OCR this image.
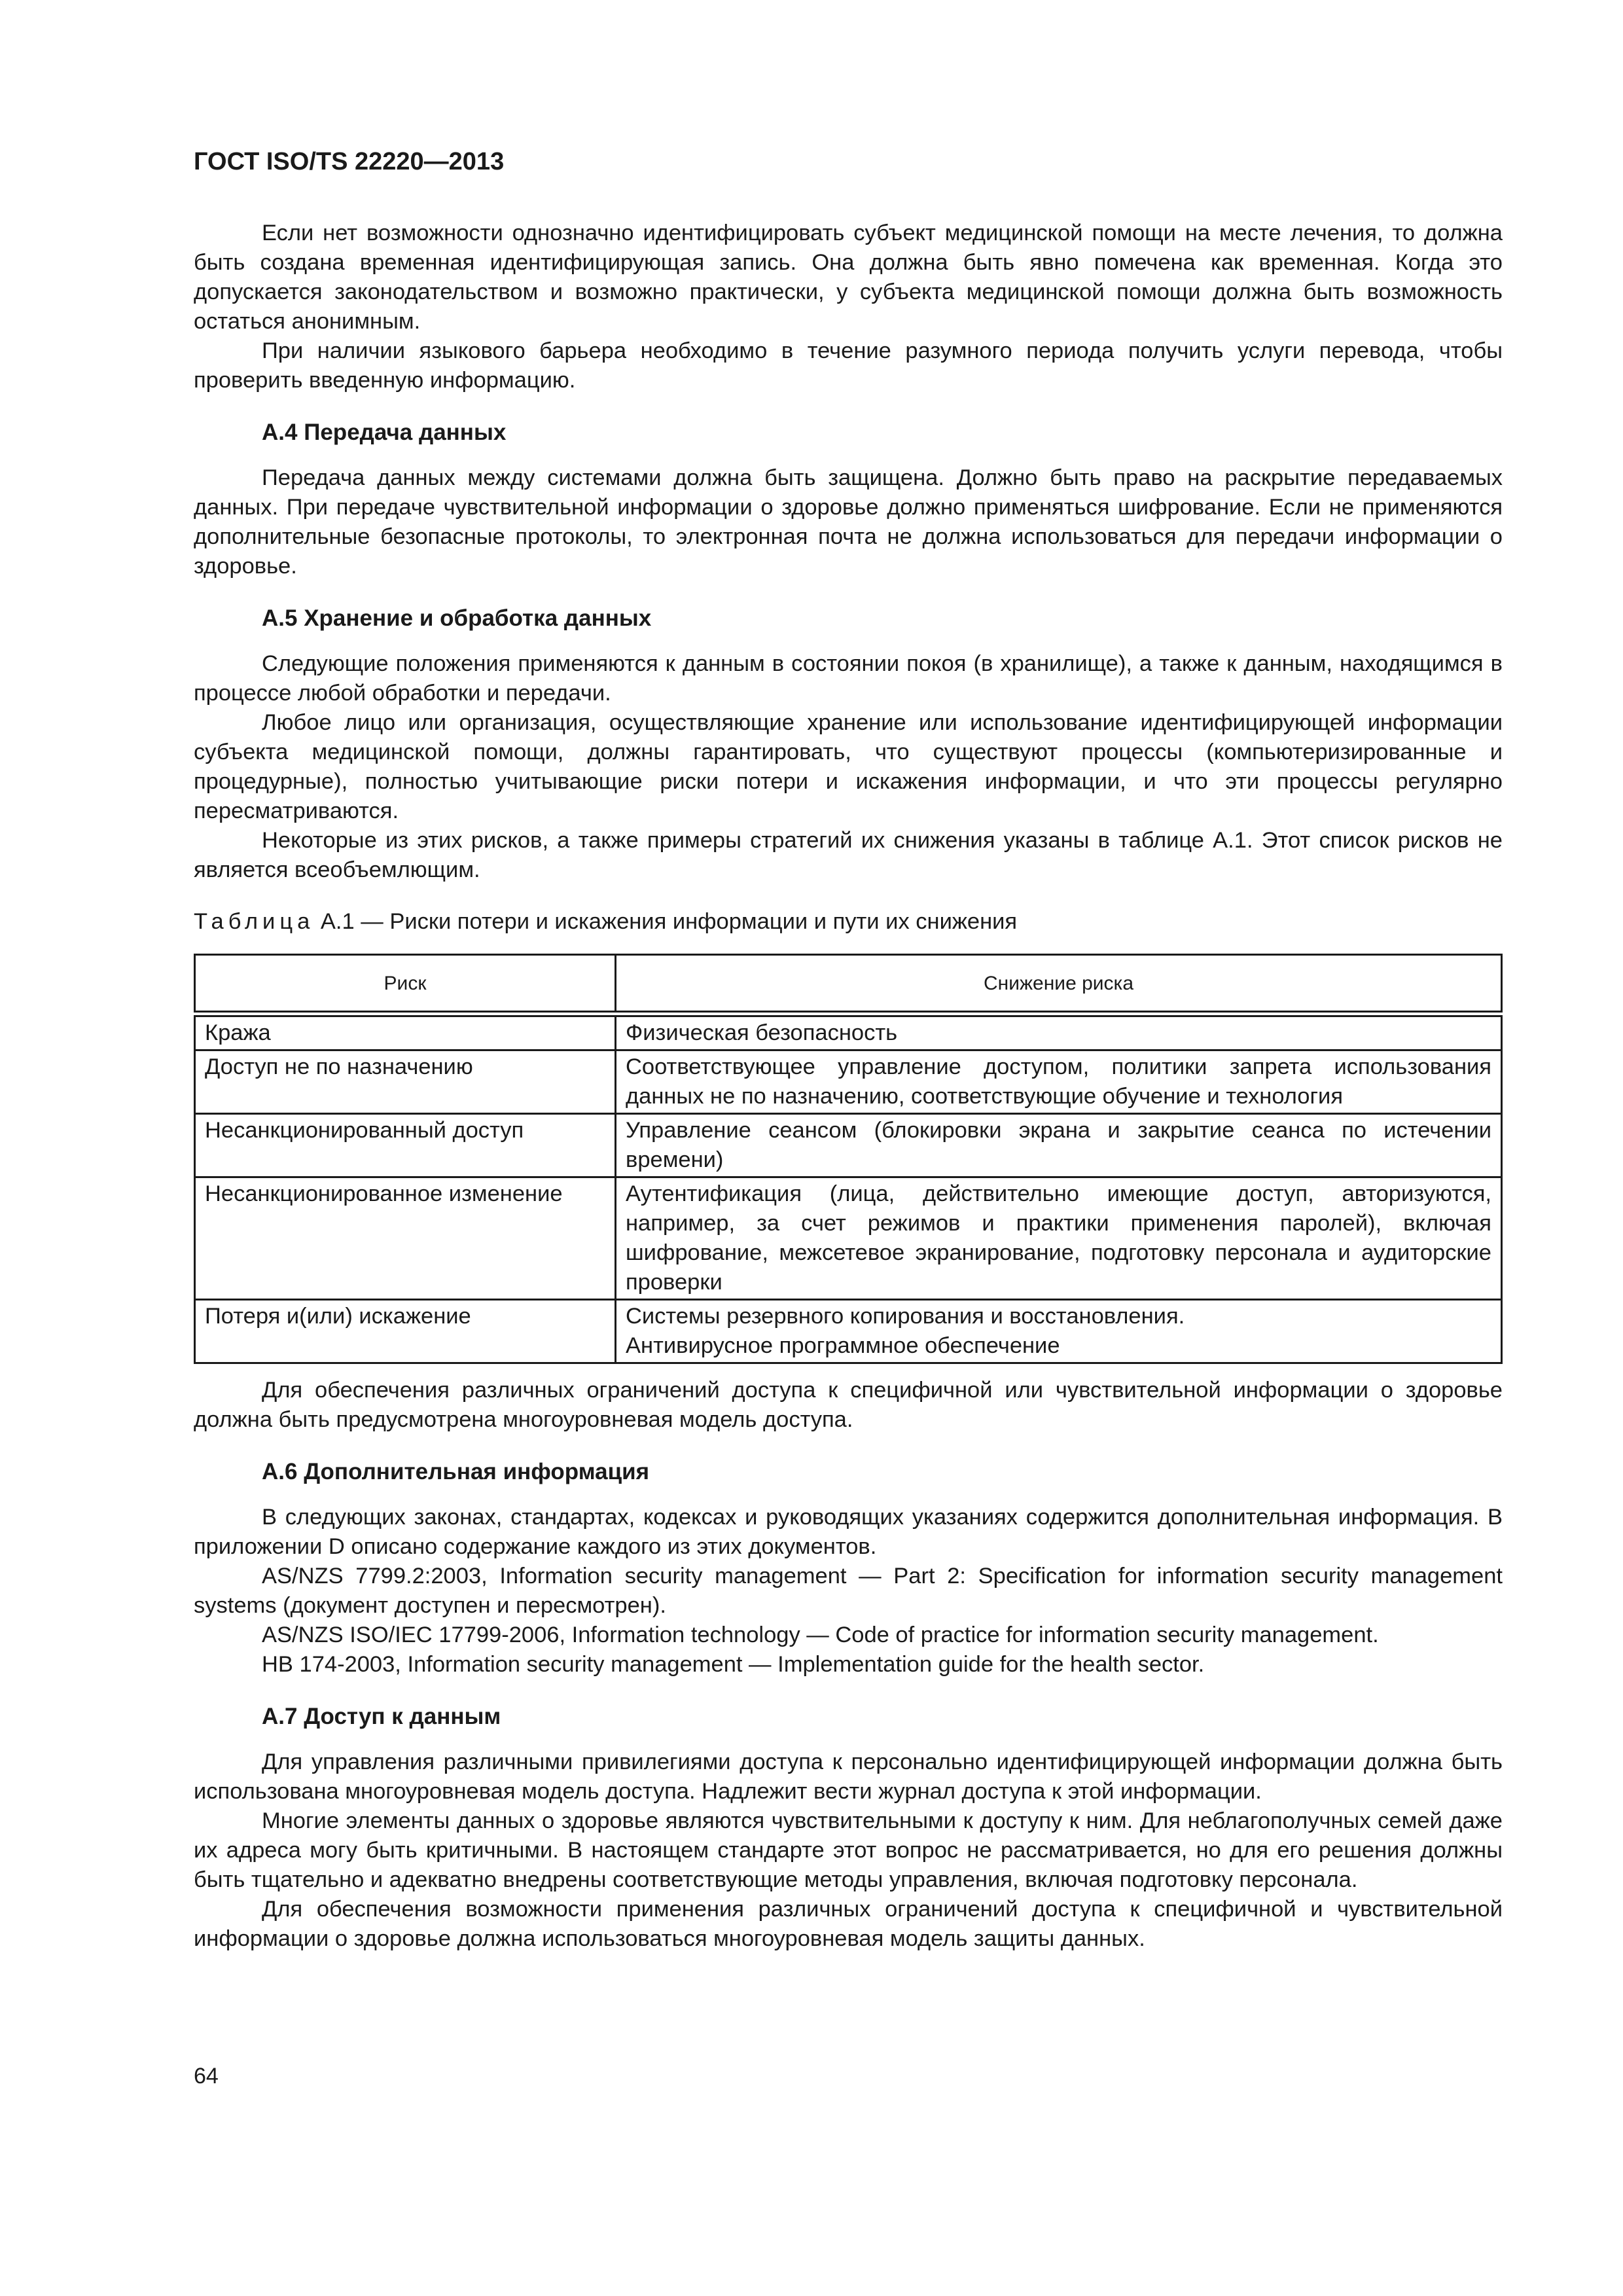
ГОСТ ISO/TS 22220—2013

Если нет возможности однозначно идентифицировать субъект медицинской помощи на месте лечения, то должна быть создана временная идентифицирующая запись. Она должна быть явно помечена как временная. Когда это допускается законодательством и возможно практически, у субъекта медицинской помощи должна быть возможность остаться анонимным.

При наличии языкового барьера необходимо в течение разумного периода получить услуги перевода, чтобы проверить введенную информацию.

А.4 Передача данных

Передача данных между системами должна быть защищена. Должно быть право на раскрытие передаваемых данных. При передаче чувствительной информации о здоровье должно применяться шифрование. Если не применяются дополнительные безопасные протоколы, то электронная почта не должна использоваться для передачи информации о здоровье.

А.5 Хранение и обработка данных

Следующие положения применяются к данным в состоянии покоя (в хранилище), а также к данным, находящимся в процессе любой обработки и передачи.

Любое лицо или организация, осуществляющие хранение или использование идентифицирующей информации субъекта медицинской помощи, должны гарантировать, что существуют процессы (компьютеризированные и процедурные), полностью учитывающие риски потери и искажения информации, и что эти процессы регулярно пересматриваются.

Некоторые из этих рисков, а также примеры стратегий их снижения указаны в таблице А.1. Этот список рисков не является всеобъемлющим.

Таблица А.1 — Риски потери и искажения информации и пути их снижения
Риск	Снижение риска
Кража	Физическая безопасность
Доступ не по назначению	Соответствующее управление доступом, политики запрета использования данных не по назначению, соответствующие обучение и технология
Несанкционированный доступ	Управление сеансом (блокировки экрана и закрытие сеанса по истечении времени)
Несанкционированное изменение	Аутентификация (лица, действительно имеющие доступ, авторизуются, например, за счет режимов и практики применения паролей), включая шифрование, межсетевое экранирование, подготовку персонала и аудиторские проверки
Потеря и(или) искажение	Системы резервного копирования и восстановления.
Антивирусное программное обеспечение

Для обеспечения различных ограничений доступа к специфичной или чувствительной информации о здоровье должна быть предусмотрена многоуровневая модель доступа.

А.6 Дополнительная информация

В следующих законах, стандартах, кодексах и руководящих указаниях содержится дополнительная информация. В приложении D описано содержание каждого из этих документов.

AS/NZS 7799.2:2003, Information security management — Part 2: Specification for information security management systems (документ доступен и пересмотрен).

AS/NZS ISO/IEC 17799-2006, Information technology — Code of practice for information security management.

HB 174-2003, Information security management — Implementation guide for the health sector.

А.7 Доступ к данным

Для управления различными привилегиями доступа к персонально идентифицирующей информации должна быть использована многоуровневая модель доступа. Надлежит вести журнал доступа к этой информации.

Многие элементы данных о здоровье являются чувствительными к доступу к ним. Для неблагополучных семей даже их адреса могу быть критичными. В настоящем стандарте этот вопрос не рассматривается, но для его решения должны быть тщательно и адекватно внедрены соответствующие методы управления, включая подготовку персонала.

Для обеспечения возможности применения различных ограничений доступа к специфичной и чувствительной информации о здоровье должна использоваться многоуровневая модель защиты данных.

64
